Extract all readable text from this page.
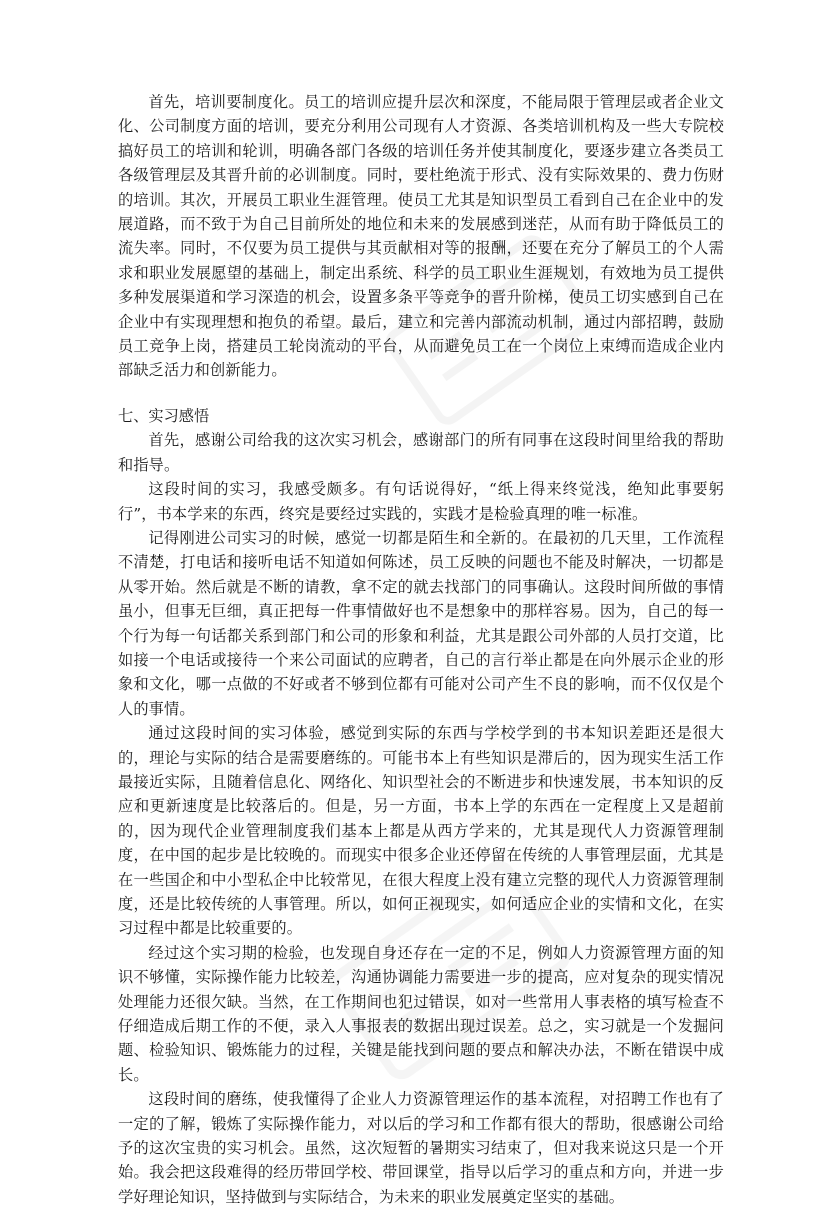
首先，培训要制度化。员工的培训应提升层次和深度，不能局限于管理层或者企业文化、公司制度方面的培训，要充分利用公司现有人才资源、各类培训机构及一些大专院校搞好员工的培训和轮训，明确各部门各级的培训任务并使其制度化，要逐步建立各类员工各级管理层及其晋升前的必训制度。同时，要杜绝流于形式、没有实际效果的、费力伤财的培训。其次，开展员工职业生涯管理。使员工尤其是知识型员工看到自己在企业中的发展道路，而不致于为自己目前所处的地位和未来的发展感到迷茫，从而有助于降低员工的流失率。同时，不仅要为员工提供与其贡献相对等的报酬，还要在充分了解员工的个人需求和职业发展愿望的基础上，制定出系统、科学的员工职业生涯规划，有效地为员工提供多种发展渠道和学习深造的机会，设置多条平等竞争的晋升阶梯，使员工切实感到自己在企业中有实现理想和抱负的希望。最后，建立和完善内部流动机制，通过内部招聘，鼓励员工竞争上岗，搭建员工轮岗流动的平台，从而避免员工在一个岗位上束缚而造成企业内部缺乏活力和创新能力。

七、实习感悟

首先，感谢公司给我的这次实习机会，感谢部门的所有同事在这段时间里给我的帮助和指导。

这段时间的实习，我感受颇多。有句话说得好，“纸上得来终觉浅，绝知此事要躬行”，书本学来的东西，终究是要经过实践的，实践才是检验真理的唯一标准。

记得刚进公司实习的时候，感觉一切都是陌生和全新的。在最初的几天里，工作流程不清楚，打电话和接听电话不知道如何陈述，员工反映的问题也不能及时解决，一切都是从零开始。然后就是不断的请教，拿不定的就去找部门的同事确认。这段时间所做的事情虽小，但事无巨细，真正把每一件事情做好也不是想象中的那样容易。因为，自己的每一个行为每一句话都关系到部门和公司的形象和利益，尤其是跟公司外部的人员打交道，比如接一个电话或接待一个来公司面试的应聘者，自己的言行举止都是在向外展示企业的形象和文化，哪一点做的不好或者不够到位都有可能对公司产生不良的影响，而不仅仅是个人的事情。

通过这段时间的实习体验，感觉到实际的东西与学校学到的书本知识差距还是很大的，理论与实际的结合是需要磨练的。可能书本上有些知识是滞后的，因为现实生活工作最接近实际，且随着信息化、网络化、知识型社会的不断进步和快速发展，书本知识的反应和更新速度是比较落后的。但是，另一方面，书本上学的东西在一定程度上又是超前的，因为现代企业管理制度我们基本上都是从西方学来的，尤其是现代人力资源管理制度，在中国的起步是比较晚的。而现实中很多企业还停留在传统的人事管理层面，尤其是在一些国企和中小型私企中比较常见，在很大程度上没有建立完整的现代人力资源管理制度，还是比较传统的人事管理。所以，如何正视现实，如何适应企业的实情和文化，在实习过程中都是比较重要的。

经过这个实习期的检验，也发现自身还存在一定的不足，例如人力资源管理方面的知识不够懂，实际操作能力比较差，沟通协调能力需要进一步的提高，应对复杂的现实情况处理能力还很欠缺。当然，在工作期间也犯过错误，如对一些常用人事表格的填写检查不仔细造成后期工作的不便，录入人事报表的数据出现过误差。总之，实习就是一个发掘问题、检验知识、锻炼能力的过程，关键是能找到问题的要点和解决办法，不断在错误中成长。

这段时间的磨练，使我懂得了企业人力资源管理运作的基本流程，对招聘工作也有了一定的了解，锻炼了实际操作能力，对以后的学习和工作都有很大的帮助，很感谢公司给予的这次宝贵的实习机会。虽然，这次短暂的暑期实习结束了，但对我来说这只是一个开始。我会把这段难得的经历带回学校、带回课堂，指导以后学习的重点和方向，并进一步学好理论知识，坚持做到与实际结合，为未来的职业发展奠定坚实的基础。
